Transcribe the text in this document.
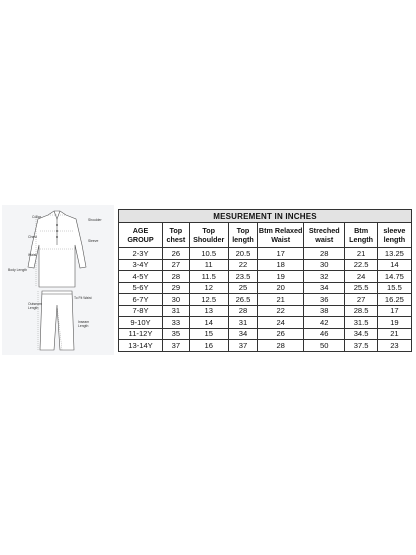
Collar
Shoulder
Chest
Sleeve
Waist
Body Length
To Fit Waist
Outseam
Length
Inseam
Length
MESUREMENT IN INCHES							
AGE GROUP	Top chest	Top Shoulder	Top length	Btm Relaxed Waist	Streched waist	Btm Length	sleeve length
2-3Y	26	10.5	20.5	17	28	21	13.25
3-4Y	27	11	22	18	30	22.5	14
4-5Y	28	11.5	23.5	19	32	24	14.75
5-6Y	29	12	25	20	34	25.5	15.5
6-7Y	30	12.5	26.5	21	36	27	16.25
7-8Y	31	13	28	22	38	28.5	17
9-10Y	33	14	31	24	42	31.5	19
11-12Y	35	15	34	26	46	34.5	21
13-14Y	37	16	37	28	50	37.5	23
